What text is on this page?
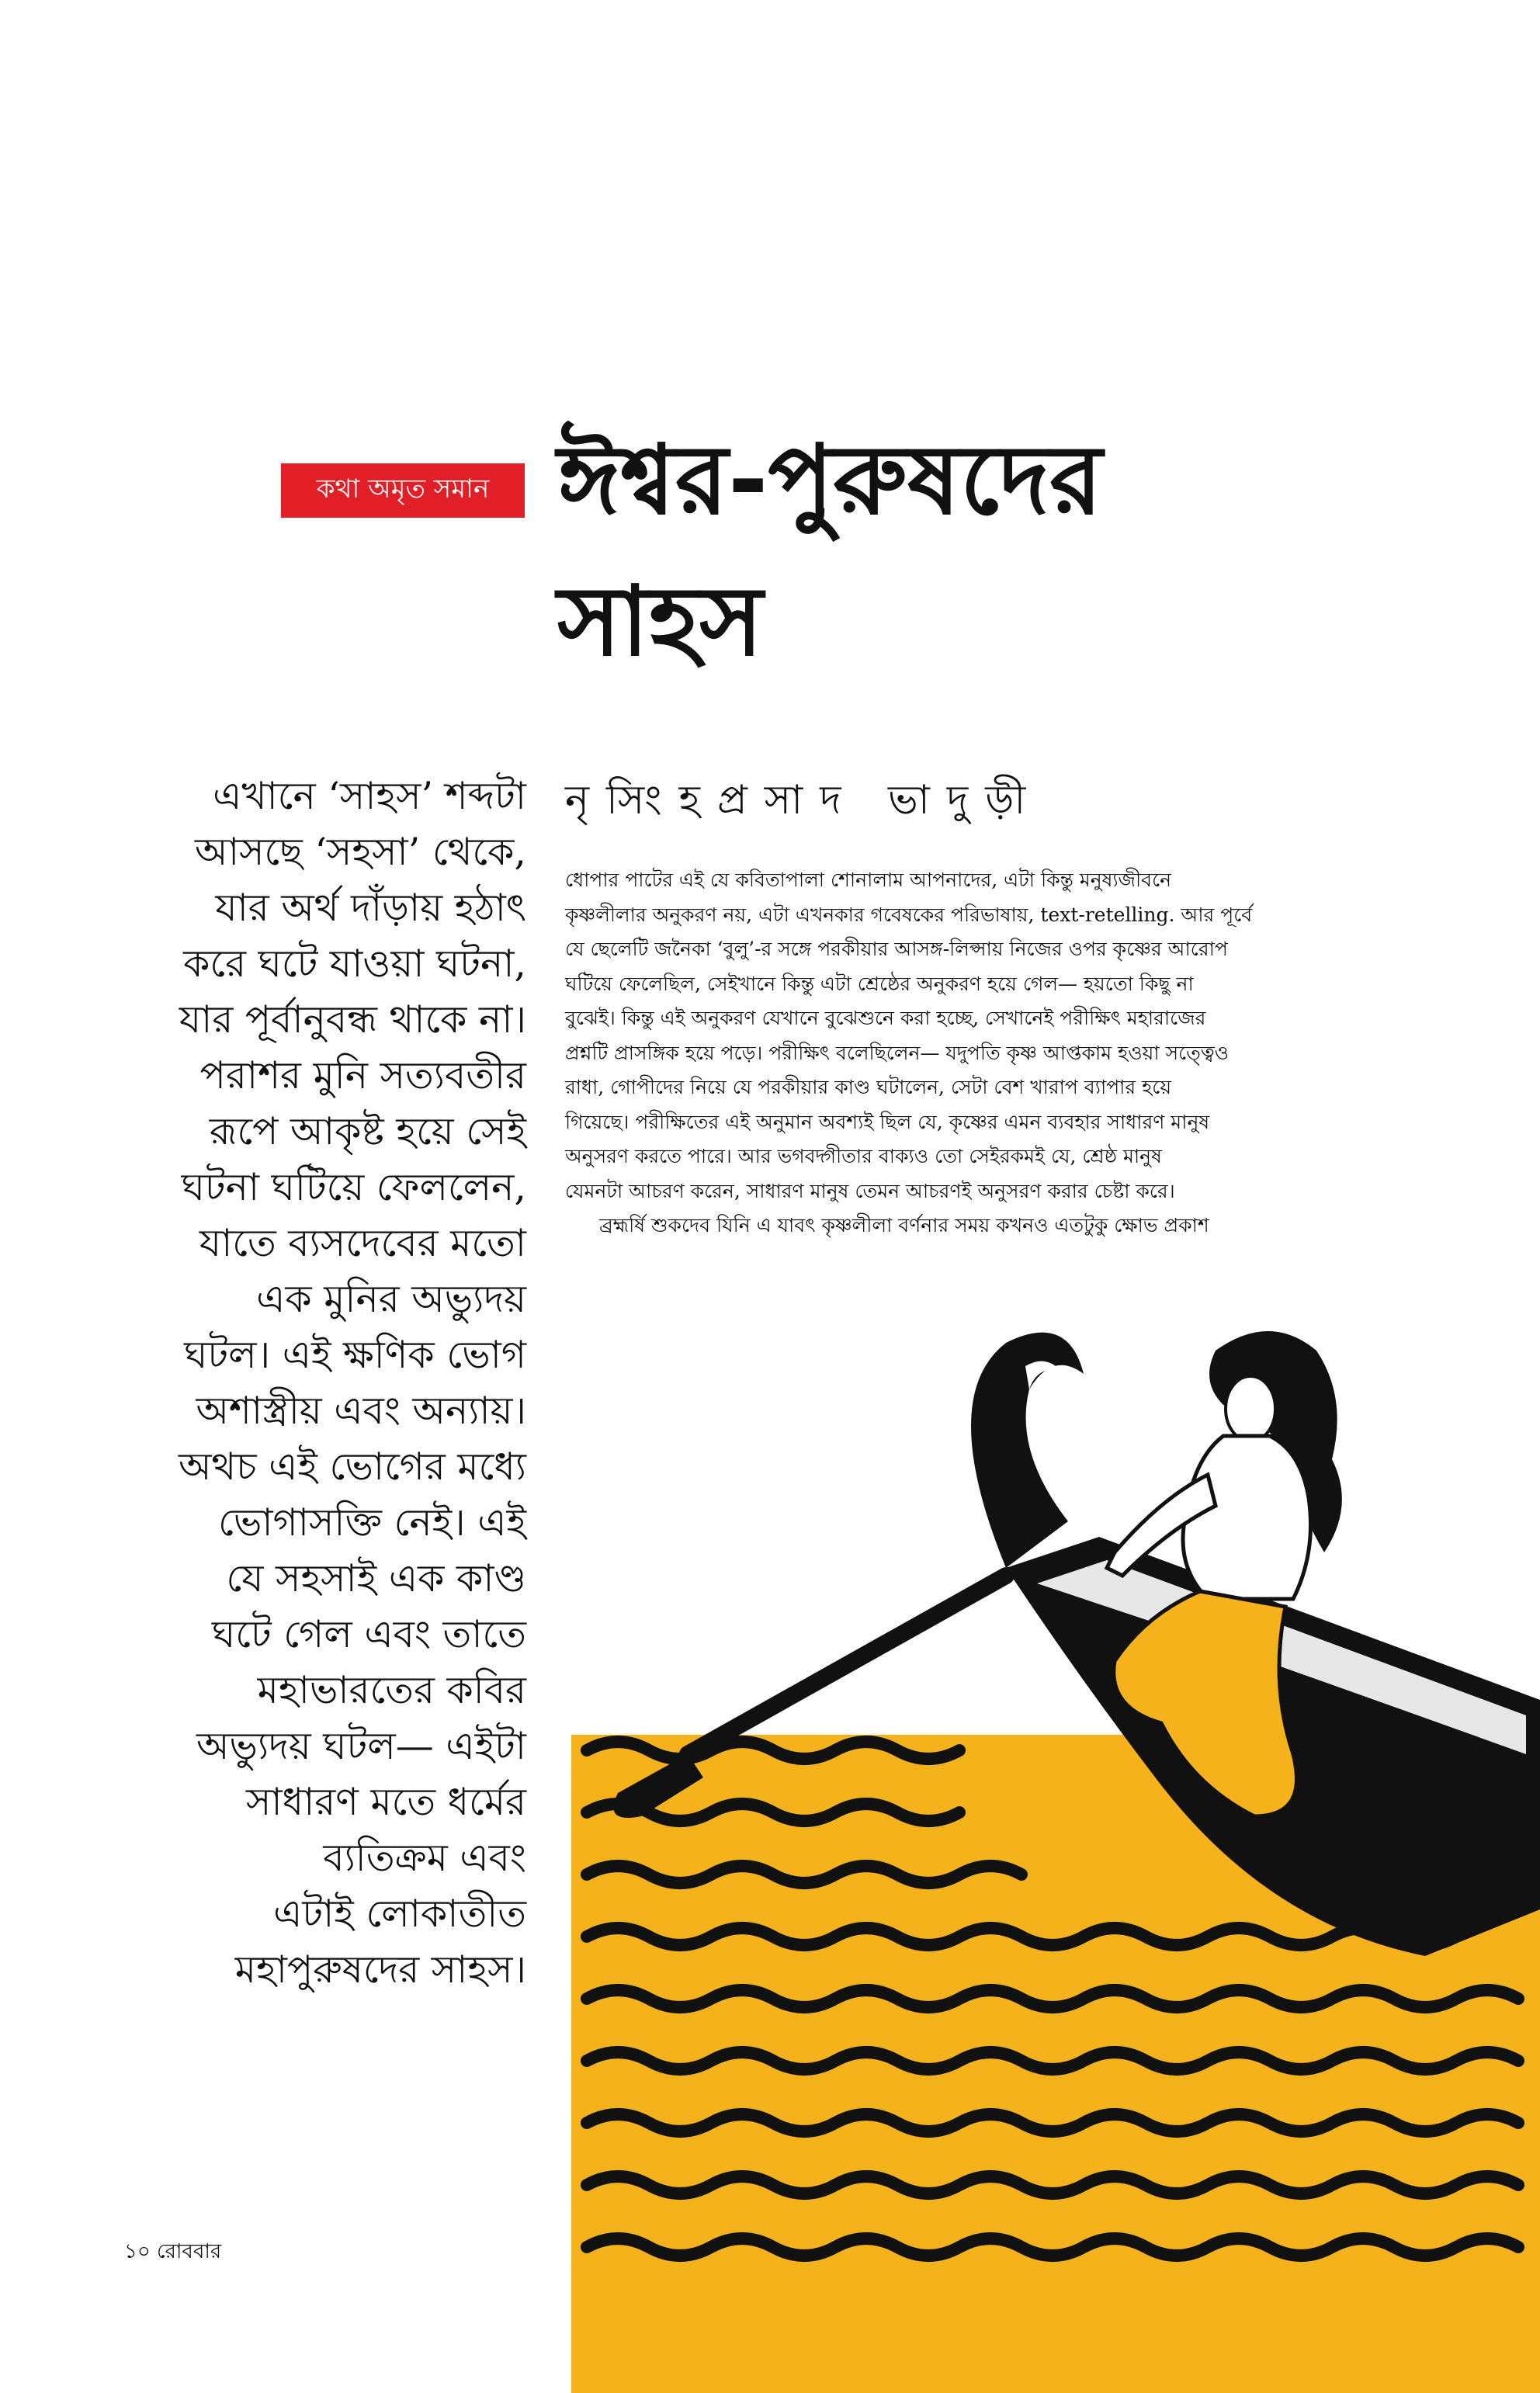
কথা অমৃত সমান ঈশ্বর-পুরুষদের
সাহস
নৃসিংহপ্রসাদ ভাদুড়ী
এখানে ‘সাহস’ শব্দটা
আসছে ‘সহসা’ থেকে,
যার অর্থ দাঁড়ায় হঠাৎ
করে ঘটে যাওয়া ঘটনা,
যার পূর্বানুবন্ধ থাকে না।
পরাশর মুনি সত্যবতীর
রূপে আকৃষ্ট হয়ে সেই
ঘটনা ঘটিয়ে ফেললেন,
যাতে ব্যসদেবের মতো
এক মুনির অভ্যুদয়
ঘটল। এই ক্ষণিক ভোগ
অশাস্ত্রীয় এবং অন্যায়।
অথচ এই ভোগের মধ্যে
ভোগাসক্তি নেই। এই
যে সহসাই এক কাণ্ড
ঘটে গেল এবং তাতে
মহাভারতের কবির
অভ্যুদয় ঘটল— এইটা
সাধারণ মতে ধর্মের
ব্যতিক্রম এবং
এটাই লোকাতীত
মহাপুরুষদের সাহস।
ধোপার পাটের এই যে কবিতাপালা শোনালাম আপনাদের, এটা কিন্তু মনুষ্যজীবনে
কৃষ্ণলীলার অনুকরণ নয়, এটা এখনকার গবেষকের পরিভাষায়, text-retelling. আর পূর্বে
যে ছেলেটি জনৈকা ‘বুলু’-র সঙ্গে পরকীয়ার আসঙ্গ-লিপ্সায় নিজের ওপর কৃষ্ণের আরোপ
ঘটিয়ে ফেলেছিল, সেইখানে কিন্তু এটা শ্রেষ্ঠের অনুকরণ হয়ে গেল— হয়তো কিছু না
বুঝেই। কিন্তু এই অনুকরণ যেখানে বুঝেশুনে করা হচ্ছে, সেখানেই পরীক্ষিৎ মহারাজের
প্রশ্নটি প্রাসঙ্গিক হয়ে পড়ে। পরীক্ষিৎ বলেছিলেন— যদুপতি কৃষ্ণ আপ্তকাম হওয়া সত্ত্বেও
রাধা, গোপীদের নিয়ে যে পরকীয়ার কাণ্ড ঘটালেন, সেটা বেশ খারাপ ব্যাপার হয়ে
গিয়েছে। পরীক্ষিতের এই অনুমান অবশ্যই ছিল যে, কৃষ্ণের এমন ব্যবহার সাধারণ মানুষ
অনুসরণ করতে পারে। আর ভগবদ্গীতার বাক্যও তো সেইরকমই যে, শ্রেষ্ঠ মানুষ
যেমনটা আচরণ করেন, সাধারণ মানুষ তেমন আচরণই অনুসরণ করার চেষ্টা করে।
ব্রহ্মর্ষি শুকদেব যিনি এ যাবৎ কৃষ্ণলীলা বর্ণনার সময় কখনও এতটুকু ক্ষোভ প্রকাশ
১০ রোববার
